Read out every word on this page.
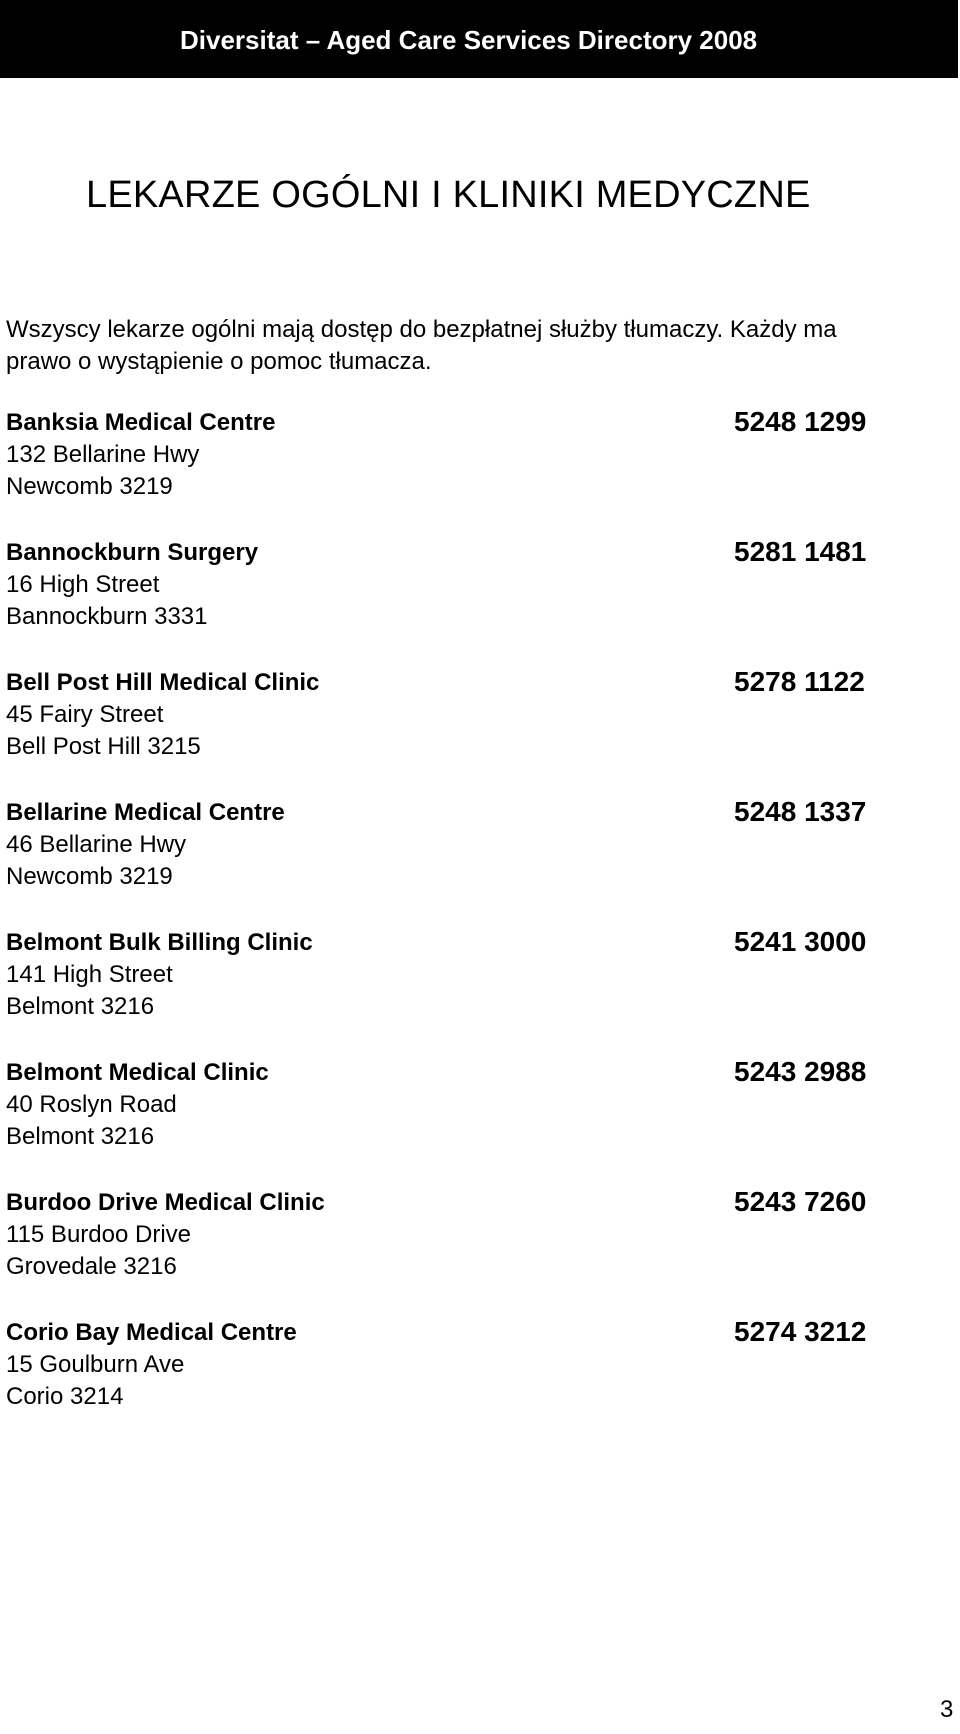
Diversitat – Aged Care Services Directory 2008
LEKARZE OGÓLNI I KLINIKI MEDYCZNE
Wszyscy lekarze ogólni mają dostęp do bezpłatnej służby tłumaczy. Każdy ma
prawo o wystąpienie o pomoc tłumacza.
Banksia Medical Centre	5248 1299
132 Bellarine Hwy
Newcomb 3219
Bannockburn Surgery	5281 1481
16 High Street
Bannockburn 3331
Bell Post Hill Medical Clinic	5278 1122
45 Fairy Street
Bell Post Hill 3215
Bellarine Medical Centre	5248 1337
46 Bellarine Hwy
Newcomb 3219
Belmont Bulk Billing Clinic	5241 3000
141 High Street
Belmont 3216
Belmont Medical Clinic	5243 2988
40 Roslyn Road
Belmont 3216
Burdoo Drive Medical Clinic	5243 7260
115 Burdoo Drive
Grovedale 3216
Corio Bay Medical Centre	5274 3212
15 Goulburn Ave
Corio 3214
3
